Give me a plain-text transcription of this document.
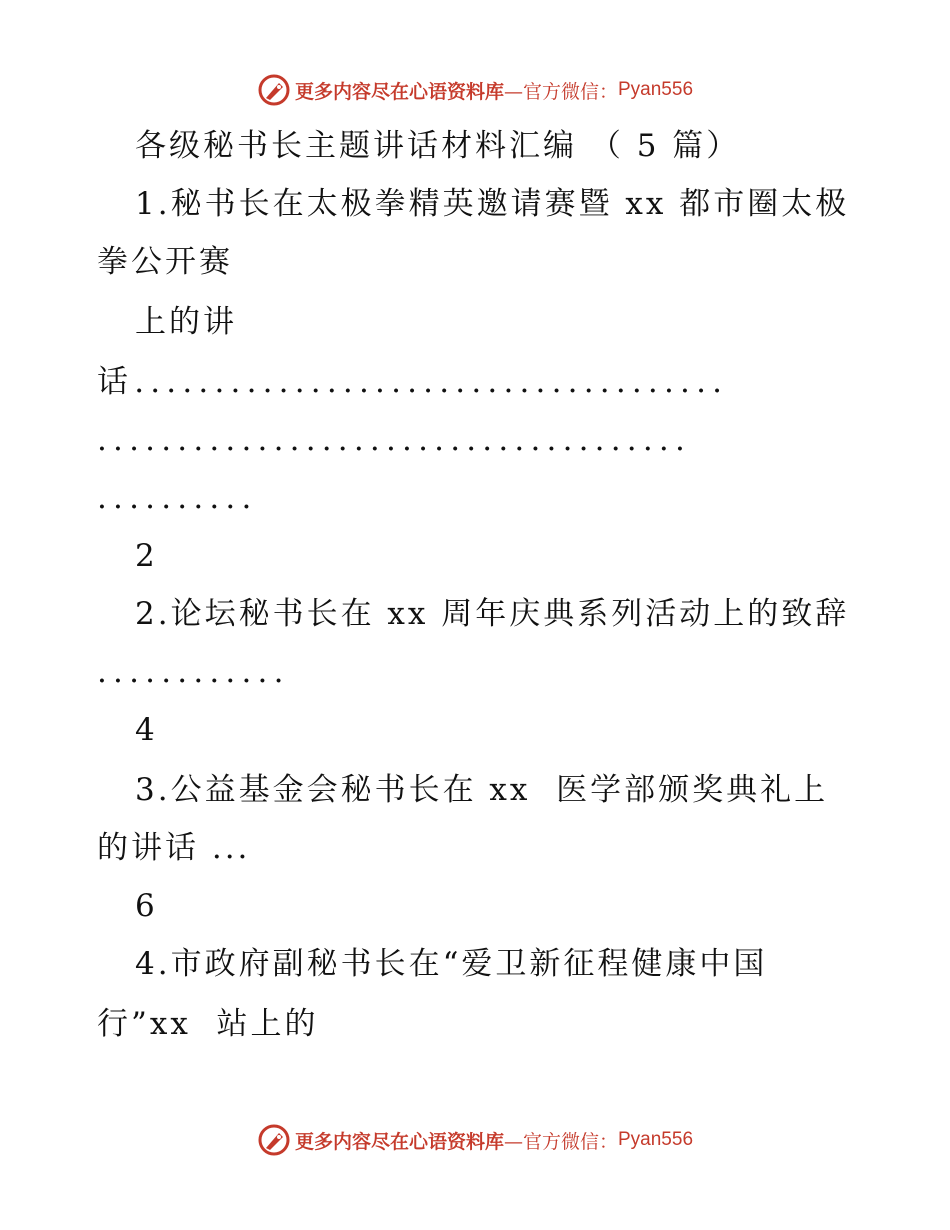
更多内容尽在心语资料库 —官方微信： Pyan556
各级秘书长主题讲话材料汇编 （ 5 篇）
1.秘书长在太极拳精英邀请赛暨 xx 都市圈太极
拳公开赛
上的讲
话.....................................
.....................................
..........
2
2.论坛秘书长在 xx 周年庆典系列活动上的致辞
............
4
3.公益基金会秘书长在 xx  医学部颁奖典礼上
的讲话 ...
6
4.市政府副秘书长在“爱卫新征程健康中国
行”xx  站上的
更多内容尽在心语资料库 —官方微信： Pyan556
